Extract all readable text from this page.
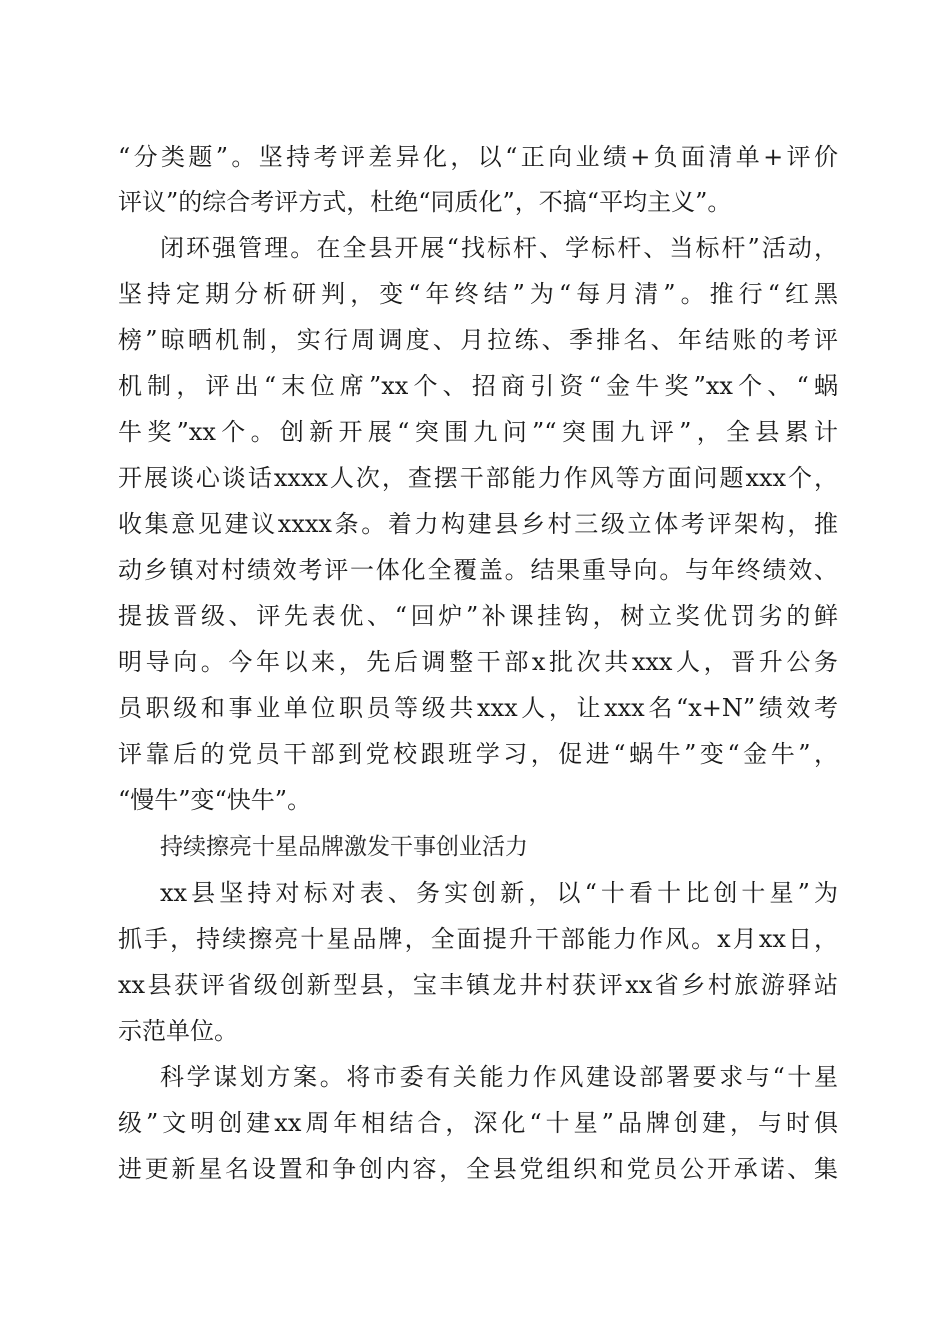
“分类题”。坚持考评差异化，以“正向业绩+负面清单+评价
评议”的综合考评方式，杜绝“同质化”，不搞“平均主义”。
闭环强管理。在全县开展“找标杆、学标杆、当标杆”活动，
坚持定期分析研判，变“年终结”为“每月清”。推行“红黑
榜”晾晒机制，实行周调度、月拉练、季排名、年结账的考评
机制，评出“末位席”xx个、招商引资“金牛奖”xx个、“蜗
牛奖”xx个。创新开展“突围九问”“突围九评”，全县累计
开展谈心谈话xxxx人次，查摆干部能力作风等方面问题xxx个，
收集意见建议xxxx条。着力构建县乡村三级立体考评架构，推
动乡镇对村绩效考评一体化全覆盖。结果重导向。与年终绩效、
提拔晋级、评先表优、“回炉”补课挂钩，树立奖优罚劣的鲜
明导向。今年以来，先后调整干部x批次共xxx人，晋升公务
员职级和事业单位职员等级共xxx人，让xxx名“x+N”绩效考
评靠后的党员干部到党校跟班学习，促进“蜗牛”变“金牛”，
“慢牛”变“快牛”。
持续擦亮十星品牌激发干事创业活力
xx县坚持对标对表、务实创新，以“十看十比创十星”为
抓手，持续擦亮十星品牌，全面提升干部能力作风。x月xx日，
xx县获评省级创新型县，宝丰镇龙井村获评xx省乡村旅游驿站
示范单位。
科学谋划方案。将市委有关能力作风建设部署要求与“十星
级”文明创建xx周年相结合，深化“十星”品牌创建，与时俱
进更新星名设置和争创内容，全县党组织和党员公开承诺、集
